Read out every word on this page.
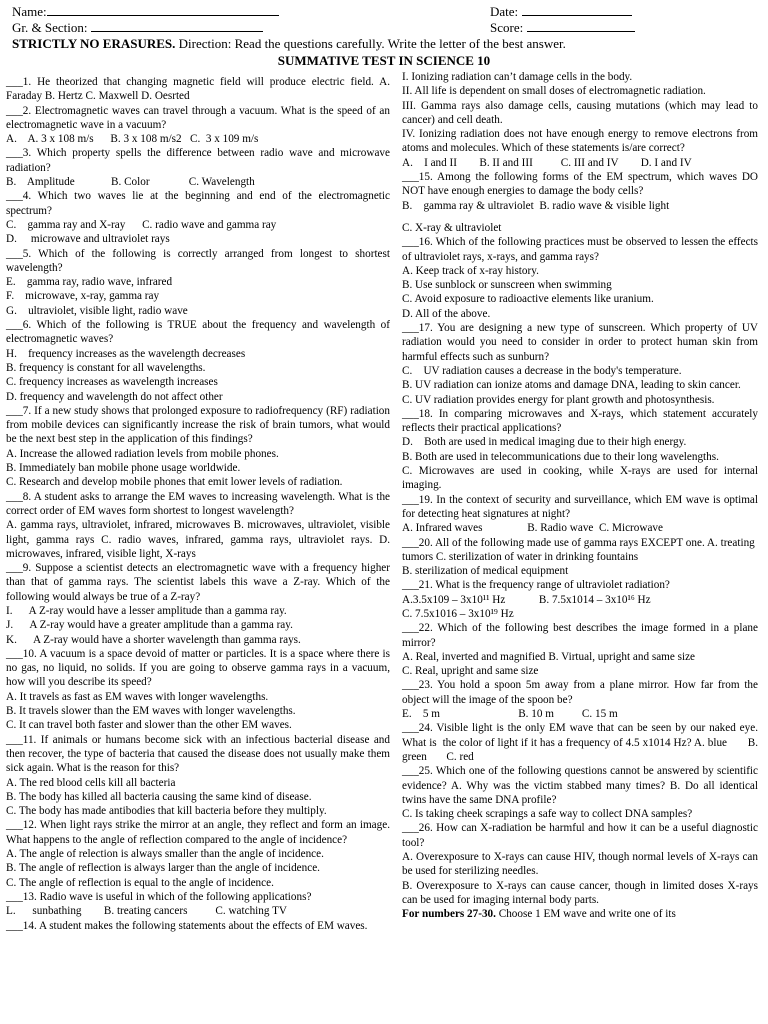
Name:	Date:
Gr. & Section:	Score:
STRICTLY NO ERASURES. Direction: Read the questions carefully. Write the letter of the best answer.
SUMMATIVE TEST IN SCIENCE 10

___1. He theorized that changing magnetic field will produce electric field. A. Faraday B. Hertz C. Maxwell D. Oesrted

___2. Electromagnetic waves can travel through a vacuum. What is the speed of an electromagnetic wave in a vacuum?

A.    A. 3 x 108 m/s      B. 3 x 108 m/s2   C.  3 x 109 m/s

___3. Which property spells the difference between radio wave and microwave radiation?

B.    Amplitude             B. Color              C. Wavelength

___4. Which two waves lie at the beginning and end of the electromagnetic spectrum?

C.    gamma ray and X-ray      C. radio wave and gamma ray

D.     microwave and ultraviolet rays

___5. Which of the following is correctly arranged from longest to shortest wavelength?

E.    gamma ray, radio wave, infrared

F.    microwave, x-ray, gamma ray

G.    ultraviolet, visible light, radio wave

___6. Which of the following is TRUE about the frequency and wavelength of electromagnetic waves?

H.    frequency increases as the wavelength decreases

B. frequency is constant for all wavelengths.

C. frequency increases as wavelength increases

D. frequency and wavelength do not affect other

___7. If a new study shows that prolonged exposure to radiofrequency (RF) radiation from mobile devices can significantly increase the risk of brain tumors, what would be the next best step in the application of this findings?

A. Increase the allowed radiation levels from mobile phones.

B. Immediately ban mobile phone usage worldwide.

C. Research and develop mobile phones that emit lower levels of radiation.

___8. A student asks to arrange the EM waves to increasing wavelength. What is the correct order of EM waves form shortest to longest wavelength?

A. gamma rays, ultraviolet, infrared, microwaves B. microwaves, ultraviolet, visible light, gamma rays C. radio waves, infrared, gamma rays, ultraviolet rays. D. microwaves, infrared, visible light, X-rays

___9. Suppose a scientist detects an electromagnetic wave with a frequency higher than that of gamma rays. The scientist labels this wave a Z-ray. Which of the following would always be true of a Z-ray?

I.      A Z-ray would have a lesser amplitude than a gamma ray.

J.      A Z-ray would have a greater amplitude than a gamma ray.

K.      A Z-ray would have a shorter wavelength than gamma rays.

___10. A vacuum is a space devoid of matter or particles. It is a space where there is no gas, no liquid, no solids. If you are going to observe gamma rays in a vacuum, how will you describe its speed?

A. It travels as fast as EM waves with longer wavelengths.

B. It travels slower than the EM waves with longer wavelengths.

C. It can travel both faster and slower than the other EM waves.

___11. If animals or humans become sick with an infectious bacterial disease and then recover, the type of bacteria that caused the disease does not usually make them sick again. What is the reason for this?

A. The red blood cells kill all bacteria

B. The body has killed all bacteria causing the same kind of disease.

C. The body has made antibodies that kill bacteria before they multiply.

___12. When light rays strike the mirror at an angle, they reflect and form an image. What happens to the angle of reflection compared to the angle of incidence?

A. The angle of relection is always smaller than the angle of incidence.

B. The angle of reflection is always larger than the angle of incidence.

C. The angle of reflection is equal to the angle of incidence.

___13. Radio wave is useful in which of the following applications?

L.      sunbathing        B. treating cancers          C. watching TV

___14. A student makes the following statements about the effects of EM waves.

I. Ionizing radiation can’t damage cells in the body.

II. All life is dependent on small doses of electromagnetic radiation.

III. Gamma rays also damage cells, causing mutations (which may lead to cancer) and cell death.

IV. Ionizing radiation does not have enough energy to remove electrons from atoms and molecules. Which of these statements is/are correct?

A.    I and II        B. II and III          C. III and IV        D. I and IV

___15. Among the following forms of the EM spectrum, which waves DO NOT have enough energies to damage the body cells?

B.    gamma ray & ultraviolet  B. radio wave & visible light

C. X-ray & ultraviolet

___16. Which of the following practices must be observed to lessen the effects of ultraviolet rays, x-rays, and gamma rays?

A. Keep track of x-ray history.

B. Use sunblock or sunscreen when swimming

C. Avoid exposure to radioactive elements like uranium.

D. All of the above.

___17. You are designing a new type of sunscreen. Which property of UV radiation would you need to consider in order to protect human skin from harmful effects such as sunburn?

C.    UV radiation causes a decrease in the body's temperature.

B. UV radiation can ionize atoms and damage DNA, leading to skin cancer.

C. UV radiation provides energy for plant growth and photosynthesis.

___18. In comparing microwaves and X-rays, which statement accurately reflects their practical applications?

D.    Both are used in medical imaging due to their high energy.

B. Both are used in telecommunications due to their long wavelengths.

C. Microwaves are used in cooking, while X-rays are used for internal imaging.

___19. In the context of security and surveillance, which EM wave is optimal for detecting heat signatures at night?

A. Infrared waves                B. Radio wave  C. Microwave

___20. All of the following made use of gamma rays EXCEPT one. A. treating tumors C. sterilization of water in drinking fountains

B. sterilization of medical equipment

___21. What is the frequency range of ultraviolet radiation?

A.3.5x109 – 3x10¹¹ Hz            B. 7.5x1014 – 3x10¹⁶ Hz

C. 7.5x1016 – 3x10¹⁹ Hz

___22. Which of the following best describes the image formed in a plane mirror?

A. Real, inverted and magnified B. Virtual, upright and same size

C. Real, upright and same size

___23. You hold a spoon 5m away from a plane mirror. How far from the object will the image of the spoon be?

E.    5 m                            B. 10 m          C. 15 m

___24. Visible light is the only EM wave that can be seen by our naked eye. What is  the color of light if it has a frequency of 4.5 x1014 Hz? A. blue       B. green       C. red

___25. Which one of the following questions cannot be answered by scientific evidence? A. Why was the victim stabbed many times? B. Do all identical twins have the same DNA profile?

C. Is taking cheek scrapings a safe way to collect DNA samples?

___26. How can X-radiation be harmful and how it can be a useful diagnostic tool?

A. Overexposure to X-rays can cause HIV, though normal levels of X-rays can be used for sterilizing needles.

B. Overexposure to X-rays can cause cancer, though in limited doses X-rays can be used for imaging internal body parts.

For numbers 27-30. Choose 1 EM wave and write one of its
